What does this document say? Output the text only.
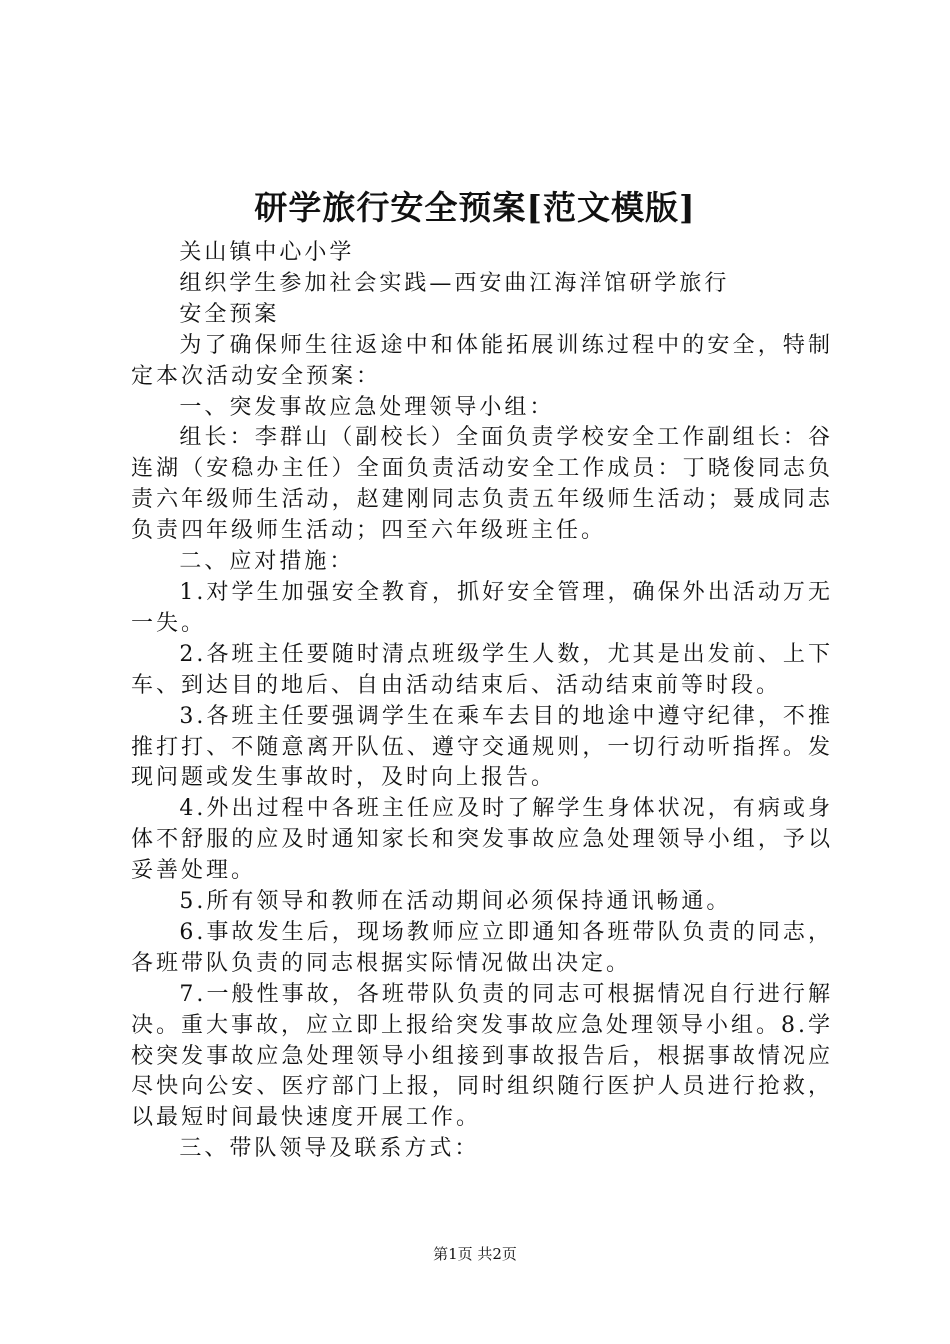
研学旅行安全预案[范文模版]

关山镇中心小学

组织学生参加社会实践—西安曲江海洋馆研学旅行

安全预案

为了确保师生往返途中和体能拓展训练过程中的安全，特制定本次活动安全预案：

一、突发事故应急处理领导小组：

组长：李群山（副校长）全面负责学校安全工作副组长：谷连湖（安稳办主任）全面负责活动安全工作成员：丁晓俊同志负责六年级师生活动，赵建刚同志负责五年级师生活动；聂成同志负责四年级师生活动；四至六年级班主任。

二、应对措施：

1.对学生加强安全教育，抓好安全管理，确保外出活动万无一失。

2.各班主任要随时清点班级学生人数，尤其是出发前、上下车、到达目的地后、自由活动结束后、活动结束前等时段。

3.各班主任要强调学生在乘车去目的地途中遵守纪律，不推推打打、不随意离开队伍、遵守交通规则，一切行动听指挥。发现问题或发生事故时，及时向上报告。

4.外出过程中各班主任应及时了解学生身体状况，有病或身体不舒服的应及时通知家长和突发事故应急处理领导小组，予以妥善处理。

5.所有领导和教师在活动期间必须保持通讯畅通。

6.事故发生后，现场教师应立即通知各班带队负责的同志，各班带队负责的同志根据实际情况做出决定。

7.一般性事故，各班带队负责的同志可根据情况自行进行解决。重大事故，应立即上报给突发事故应急处理领导小组。8.学校突发事故应急处理领导小组接到事故报告后，根据事故情况应尽快向公安、医疗部门上报，同时组织随行医护人员进行抢救，以最短时间最快速度开展工作。

三、带队领导及联系方式：

第1页 共2页
